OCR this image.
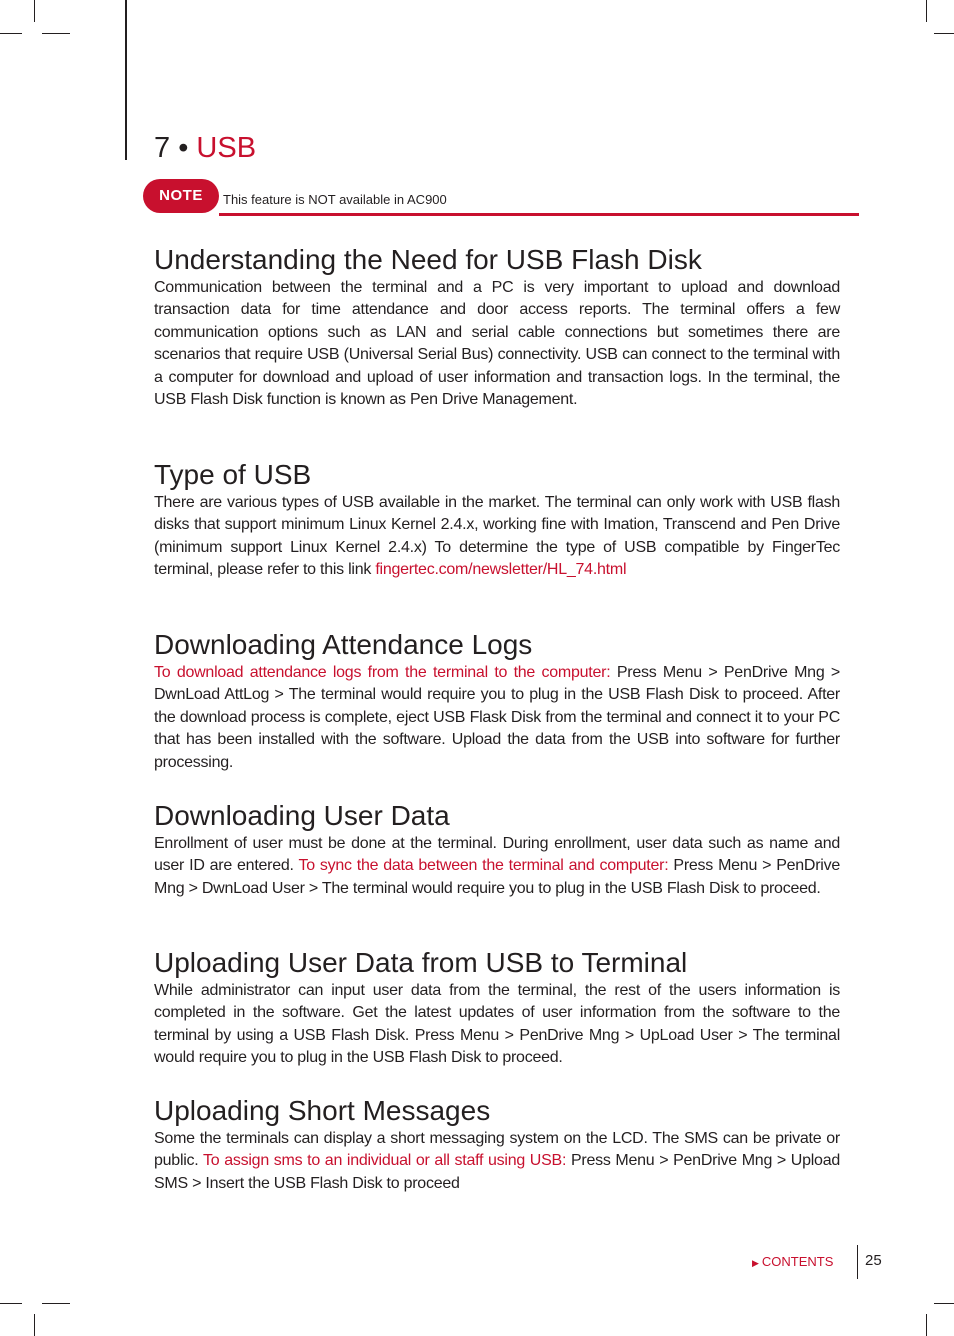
7 • USB
NOTE	This feature is NOT available in AC900
Understanding the Need for USB Flash Disk

Communication between the terminal and a PC is very important to upload and download transaction data for time attendance and door access reports. The terminal offers a few communication options such as LAN and serial cable connections but sometimes there are scenarios that require USB (Universal Serial Bus) connectivity. USB can connect to the terminal with a computer for download and upload of user information and transaction logs. In the terminal, the USB Flash Disk function is known as Pen Drive Management.

Type of USB

There are various types of USB available in the market. The terminal can only work with USB flash disks that support minimum Linux Kernel 2.4.x, working fine with Imation, Transcend and Pen Drive (minimum support Linux Kernel 2.4.x) To determine the type of USB compatible by FingerTec terminal, please refer to this link fingertec.com/newsletter/HL_74.html

Downloading Attendance Logs

To download attendance logs from the terminal to the computer: Press Menu > PenDrive Mng > DwnLoad AttLog > The terminal would require you to plug in the USB Flash Disk to proceed. After the download process is complete, eject USB Flask Disk from the terminal and connect it to your PC that has been installed with the software. Upload the data from the USB into software for further processing.

Downloading User Data

Enrollment of user must be done at the terminal. During enrollment, user data such as name and user ID are entered. To sync the data between the terminal and computer: Press Menu > PenDrive Mng > DwnLoad User > The terminal would require you to plug in the USB Flash Disk to proceed.

Uploading User Data from USB to Terminal

While administrator can input user data from the terminal, the rest of the users information is completed in the software. Get the latest updates of user information from the software to the terminal by using a USB Flash Disk. Press Menu > PenDrive Mng > UpLoad User > The terminal would require you to plug in the USB Flash Disk to proceed.

Uploading Short Messages

Some the terminals can display a short messaging system on the LCD. The SMS can be private or public. To assign sms to an individual or all staff using USB: Press Menu > PenDrive Mng > Upload SMS > Insert the USB Flash Disk to proceed

▶ CONTENTS 25
